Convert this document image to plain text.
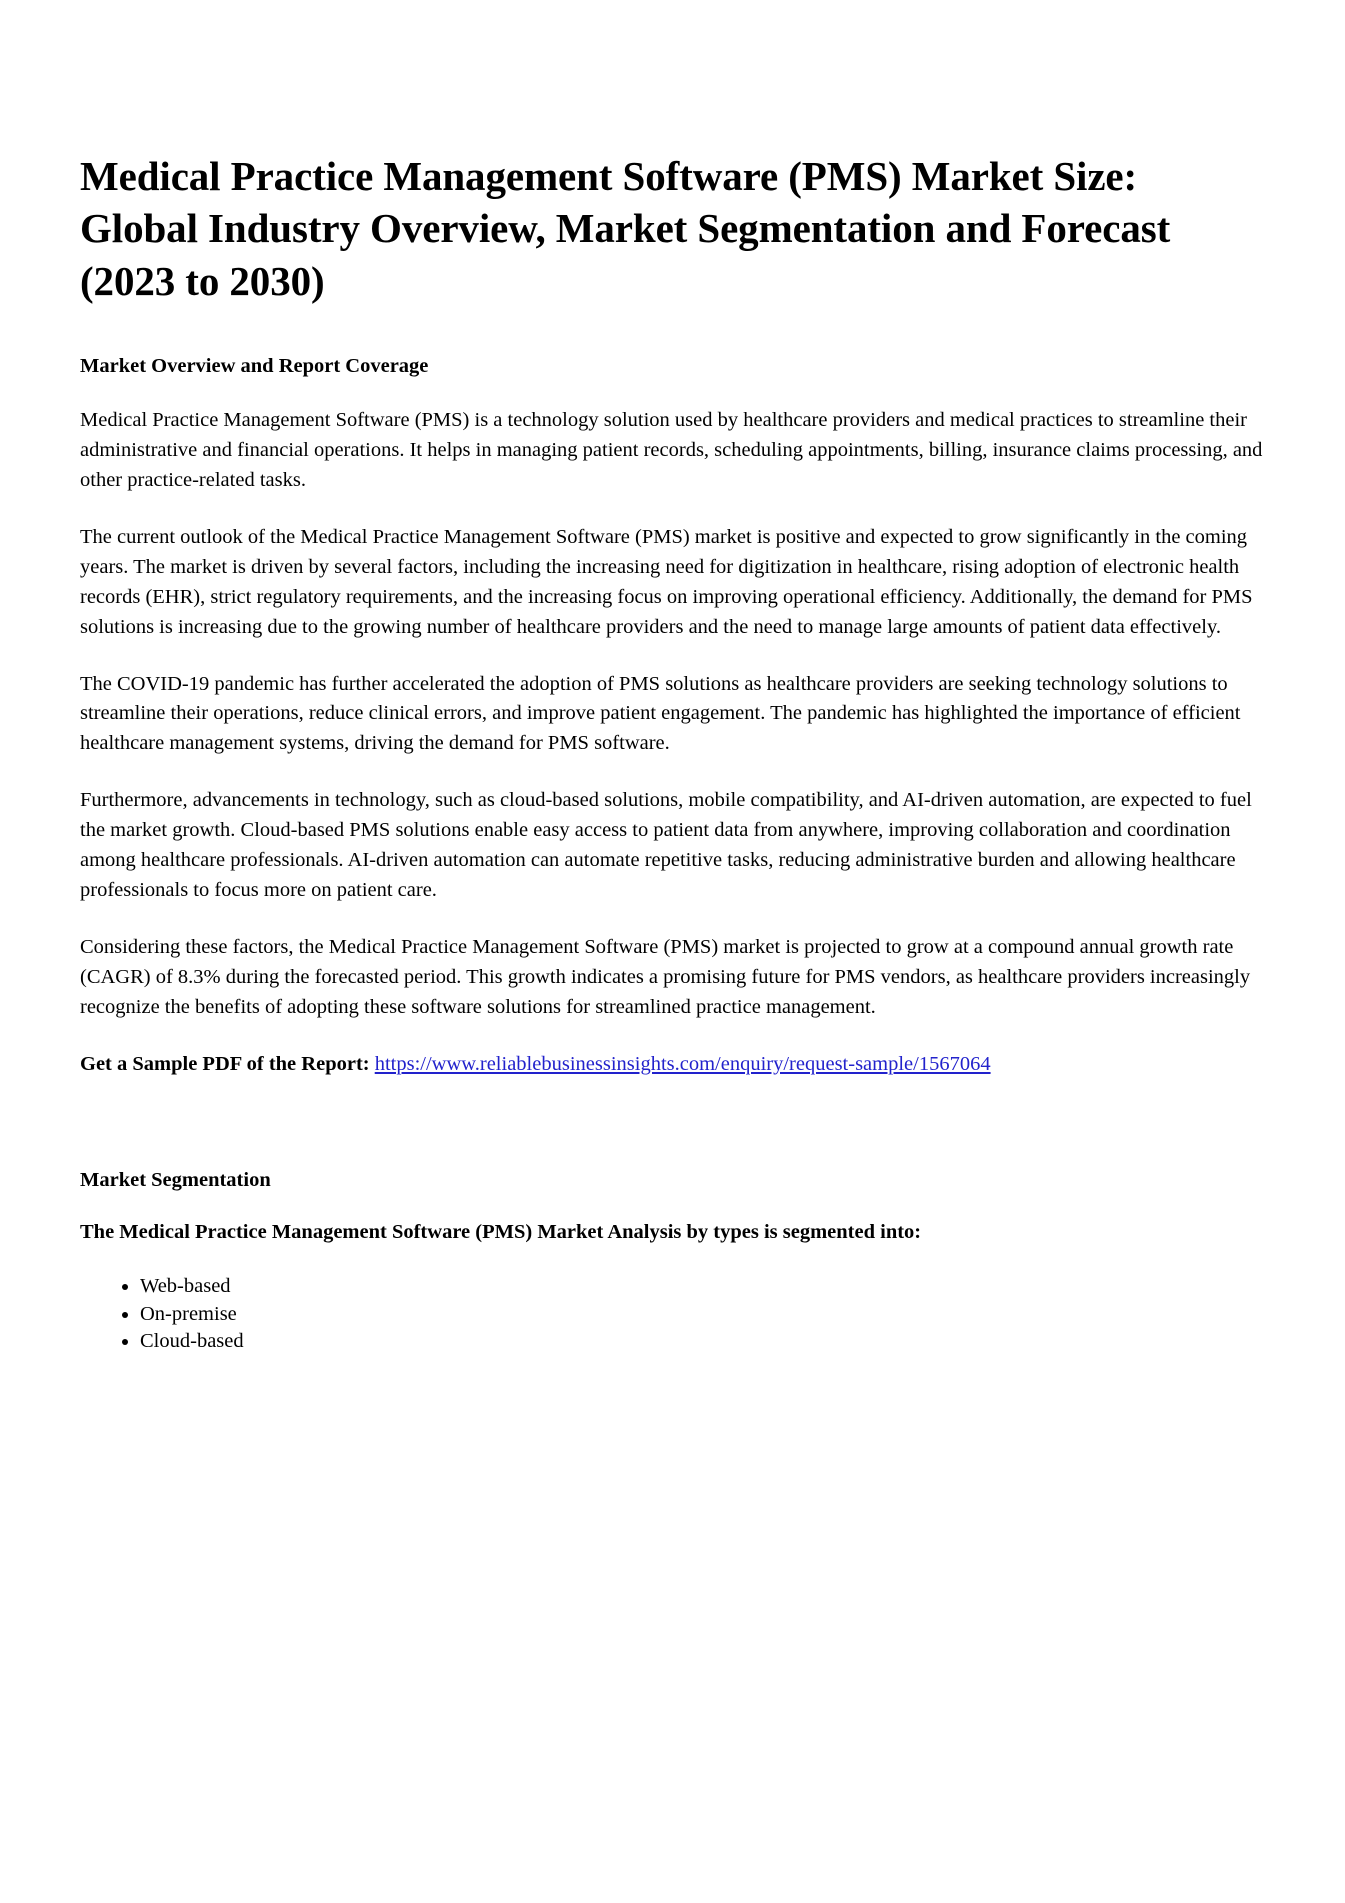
Medical Practice Management Software (PMS) Market Size: Global Industry Overview, Market Segmentation and Forecast (2023 to 2030)
Market Overview and Report Coverage

Medical Practice Management Software (PMS) is a technology solution used by healthcare providers and medical practices to streamline their administrative and financial operations. It helps in managing patient records, scheduling appointments, billing, insurance claims processing, and other practice-related tasks.

The current outlook of the Medical Practice Management Software (PMS) market is positive and expected to grow significantly in the coming years. The market is driven by several factors, including the increasing need for digitization in healthcare, rising adoption of electronic health records (EHR), strict regulatory requirements, and the increasing focus on improving operational efficiency. Additionally, the demand for PMS solutions is increasing due to the growing number of healthcare providers and the need to manage large amounts of patient data effectively.

The COVID-19 pandemic has further accelerated the adoption of PMS solutions as healthcare providers are seeking technology solutions to streamline their operations, reduce clinical errors, and improve patient engagement. The pandemic has highlighted the importance of efficient healthcare management systems, driving the demand for PMS software.

Furthermore, advancements in technology, such as cloud-based solutions, mobile compatibility, and AI-driven automation, are expected to fuel the market growth. Cloud-based PMS solutions enable easy access to patient data from anywhere, improving collaboration and coordination among healthcare professionals. AI-driven automation can automate repetitive tasks, reducing administrative burden and allowing healthcare professionals to focus more on patient care.

Considering these factors, the Medical Practice Management Software (PMS) market is projected to grow at a compound annual growth rate (CAGR) of 8.3% during the forecasted period. This growth indicates a promising future for PMS vendors, as healthcare providers increasingly recognize the benefits of adopting these software solutions for streamlined practice management.

Get a Sample PDF of the Report: https://www.reliablebusinessinsights.com/enquiry/request-sample/1567064

Market Segmentation
The Medical Practice Management Software (PMS) Market Analysis by types is segmented into:
• Web-based
• On-premise
• Cloud-based
